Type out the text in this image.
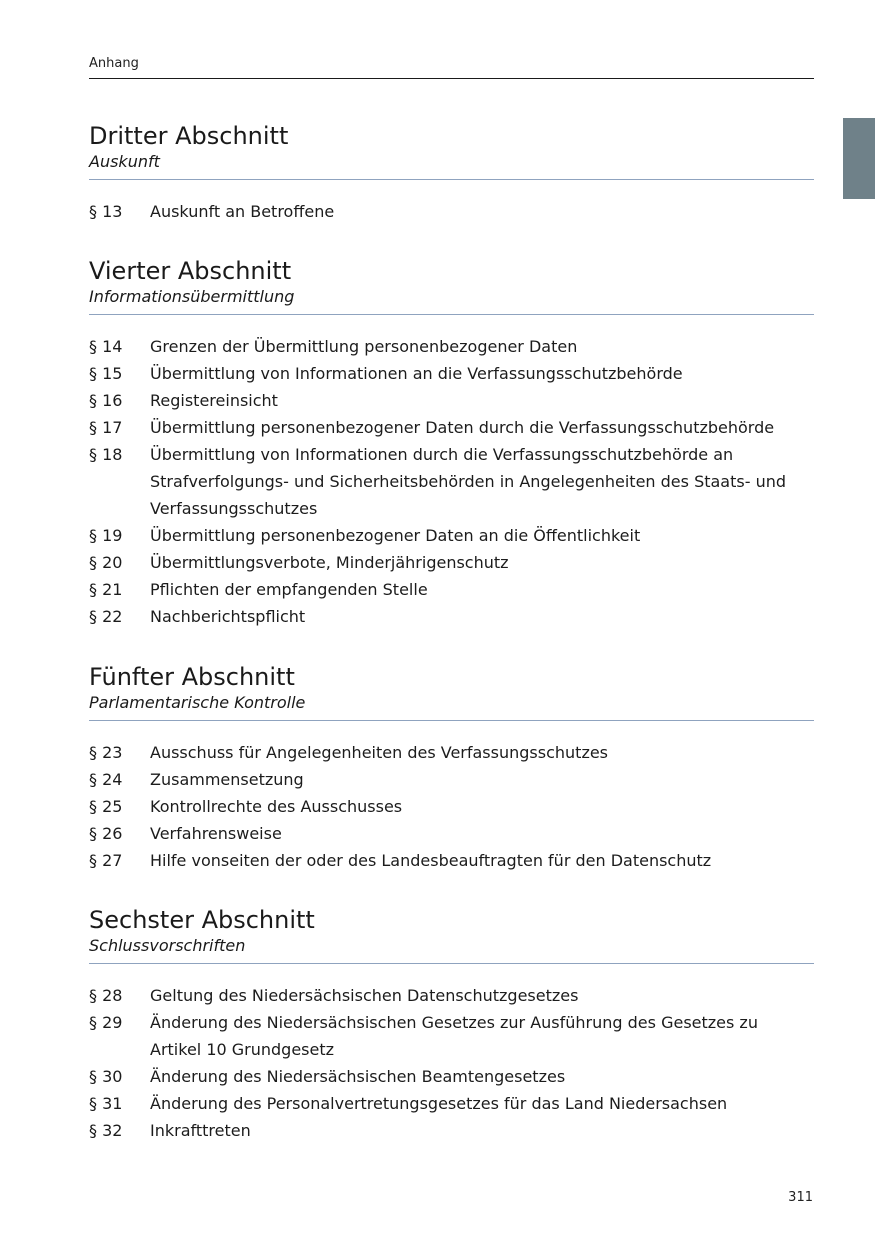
Anhang
Dritter Abschnitt
Auskunft
§ 13	Auskunft an Betroffene
Vierter Abschnitt
Informationsübermittlung
§ 14	Grenzen der Übermittlung personenbezogener Daten
§ 15	Übermittlung von Informationen an die Verfassungsschutzbehörde
§ 16	Registereinsicht
§ 17	Übermittlung personenbezogener Daten durch die Verfassungsschutzbehörde
§ 18	Übermittlung von Informationen durch die Verfassungsschutzbehörde an Strafverfolgungs- und Sicherheitsbehörden in Angelegenheiten des Staats- und Verfassungsschutzes
§ 19	Übermittlung personenbezogener Daten an die Öffentlichkeit
§ 20	Übermittlungsverbote, Minderjährigenschutz
§ 21	Pflichten der empfangenden Stelle
§ 22	Nachberichtspflicht
Fünfter Abschnitt
Parlamentarische Kontrolle
§ 23	Ausschuss für Angelegenheiten des Verfassungsschutzes
§ 24	Zusammensetzung
§ 25	Kontrollrechte des Ausschusses
§ 26	Verfahrensweise
§ 27	Hilfe vonseiten der oder des Landesbeauftragten für den Datenschutz
Sechster Abschnitt
Schlussvorschriften
§ 28	Geltung des Niedersächsischen Datenschutzgesetzes
§ 29	Änderung des Niedersächsischen Gesetzes zur Ausführung des Gesetzes zu Artikel 10 Grundgesetz
§ 30	Änderung des Niedersächsischen Beamtengesetzes
§ 31	Änderung des Personalvertretungsgesetzes für das Land Niedersachsen
§ 32	Inkrafttreten
311
